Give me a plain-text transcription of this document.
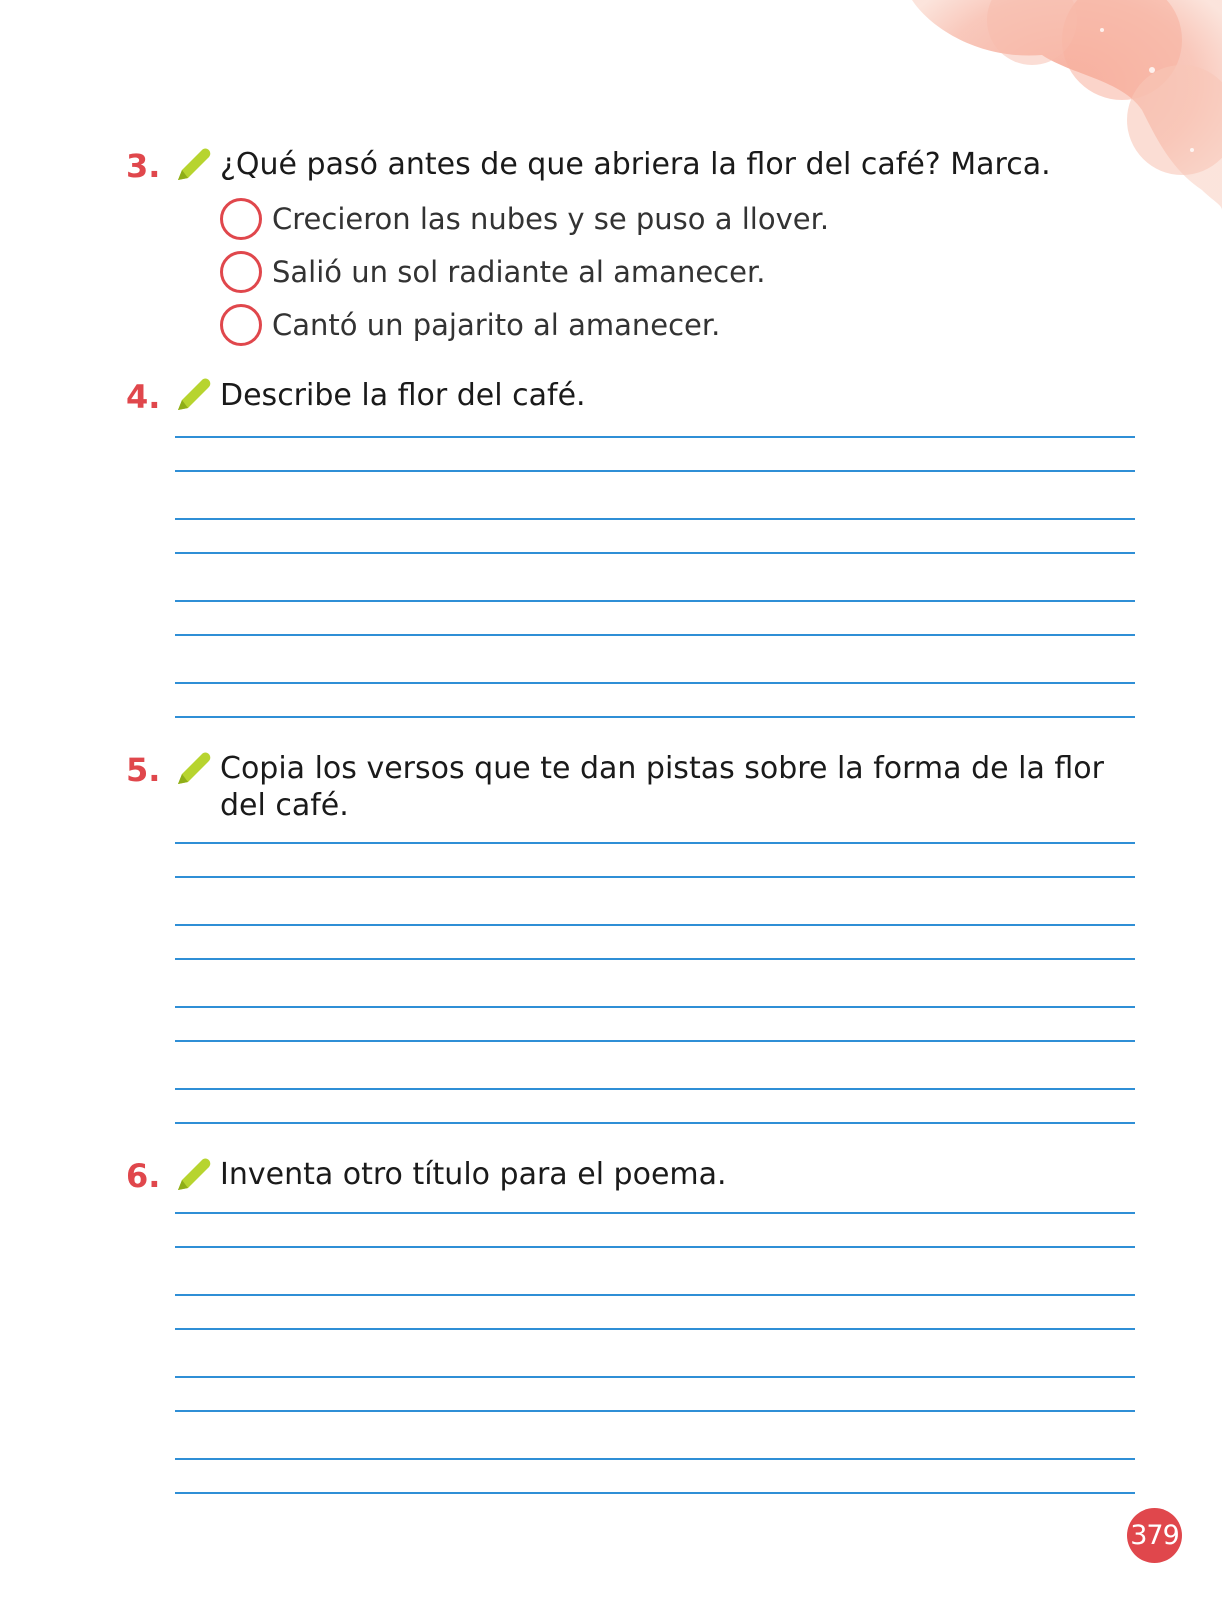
3. ¿Qué pasó antes de que abriera la flor del café? Marca.
Crecieron las nubes y se puso a llover.
Salió un sol radiante al amanecer.
Cantó un pajarito al amanecer.
4. Describe la flor del café.
5. Copia los versos que te dan pistas sobre la forma de la flor
del café.
6. Inventa otro título para el poema.
379
